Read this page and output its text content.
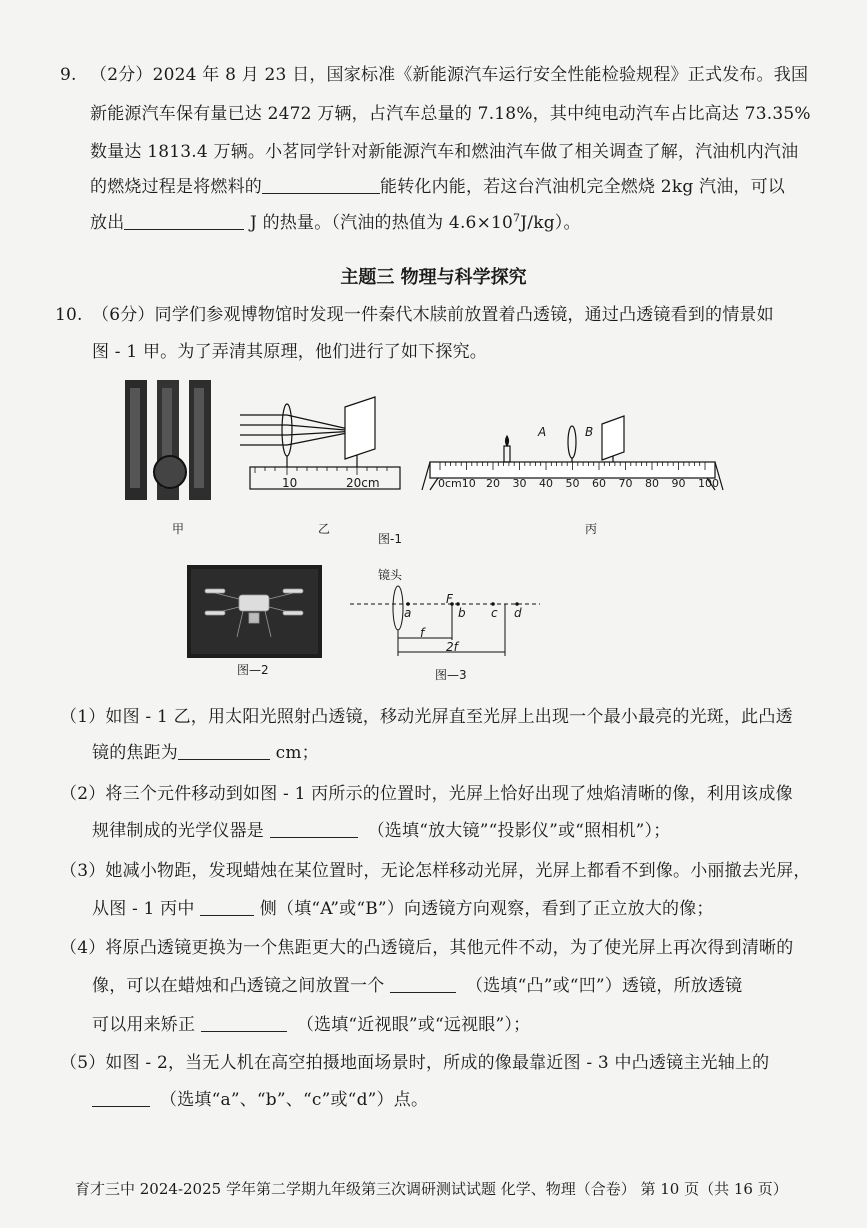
9. （2分）2024 年 8 月 23 日，国家标准《新能源汽车运行安全性能检验规程》正式发布。我国
新能源汽车保有量已达 2472 万辆，占汽车总量的 7.18%，其中纯电动汽车占比高达 73.35%
数量达 1813.4 万辆。小茗同学针对新能源汽车和燃油汽车做了相关调查了解，汽油机内汽油
的燃烧过程是将燃料的	能转化内能，若这台汽油机完全燃烧 2kg 汽油，可以
放出	J 的热量。（汽油的热值为 $4.6\times 10^7J/kg$）。
主题三 物理与科学探究
10. （6分）同学们参观博物馆时发现一件秦代木牍前放置着凸透镜，通过凸透镜看到的情景如
图 - 1 甲。为了弄清其原理，他们进行了如下探究。
甲
10	20cm
乙
A	B
0cm10 20 30 40 50 60 70 80 90 100
丙
图-1
图—2
镜头
F
a	b c d
f
2f
图—3
（1）如图 - 1 乙，用太阳光照射凸透镜，移动光屏直至光屏上出现一个最小最亮的光斑，此凸透
镜的焦距为	cm；
（2）将三个元件移动到如图 - 1 丙所示的位置时，光屏上恰好出现了烛焰清晰的像，利用该成像
规律制成的光学仪器是	（选填“放大镜”“投影仪”或“照相机”）；
（3）她减小物距，发现蜡烛在某位置时，无论怎样移动光屏，光屏上都看不到像。小丽撤去光屏，
从图 - 1 丙中	侧（填“A”或“B”）向透镜方向观察，看到了正立放大的像；
（4）将原凸透镜更换为一个焦距更大的凸透镜后，其他元件不动，为了使光屏上再次得到清晰的
像，可以在蜡烛和凸透镜之间放置一个	（选填“凸”或“凹”）透镜，所放透镜
可以用来矫正	（选填“近视眼”或“远视眼”）；
（5）如图 - 2，当无人机在高空拍摄地面场景时，所成的像最靠近图 - 3 中凸透镜主光轴上的
（选填“a”、“b”、“c”或“d”）点。
育才三中 2024-2025 学年第二学期九年级第三次调研测试试题 化学、物理（合卷） 第 10 页（共 16 页）
